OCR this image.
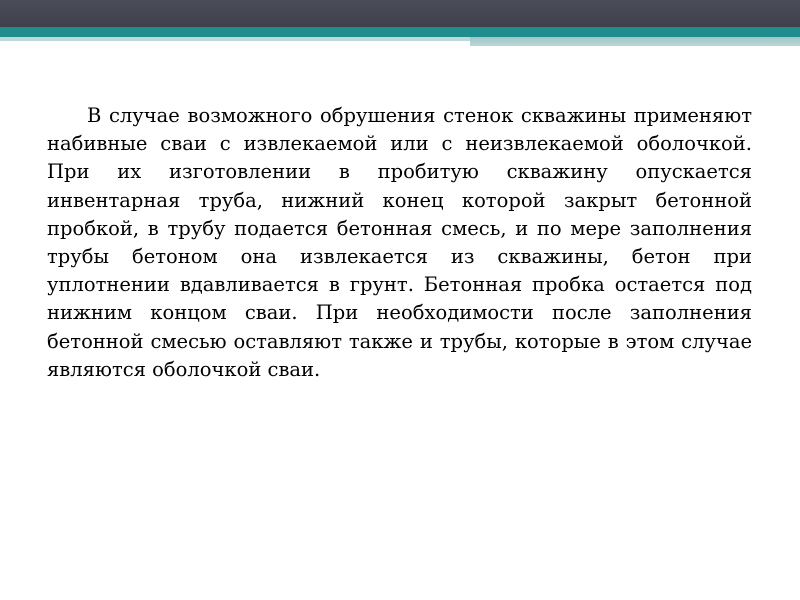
В случае возможного обрушения стенок скважины применяют набивные сваи с извлекаемой или с неизвлекаемой оболочкой. При их изготовлении в пробитую скважину опускается инвентарная труба, нижний конец которой закрыт бетонной пробкой, в трубу подается бетонная смесь, и по мере заполнения трубы бетоном она извлекается из скважины, бетон при уплотнении вдавливается в грунт. Бетонная пробка остается под нижним концом сваи. При необходимости после заполнения бетонной смесью оставляют также и трубы, которые в этом случае являются оболочкой сваи.
